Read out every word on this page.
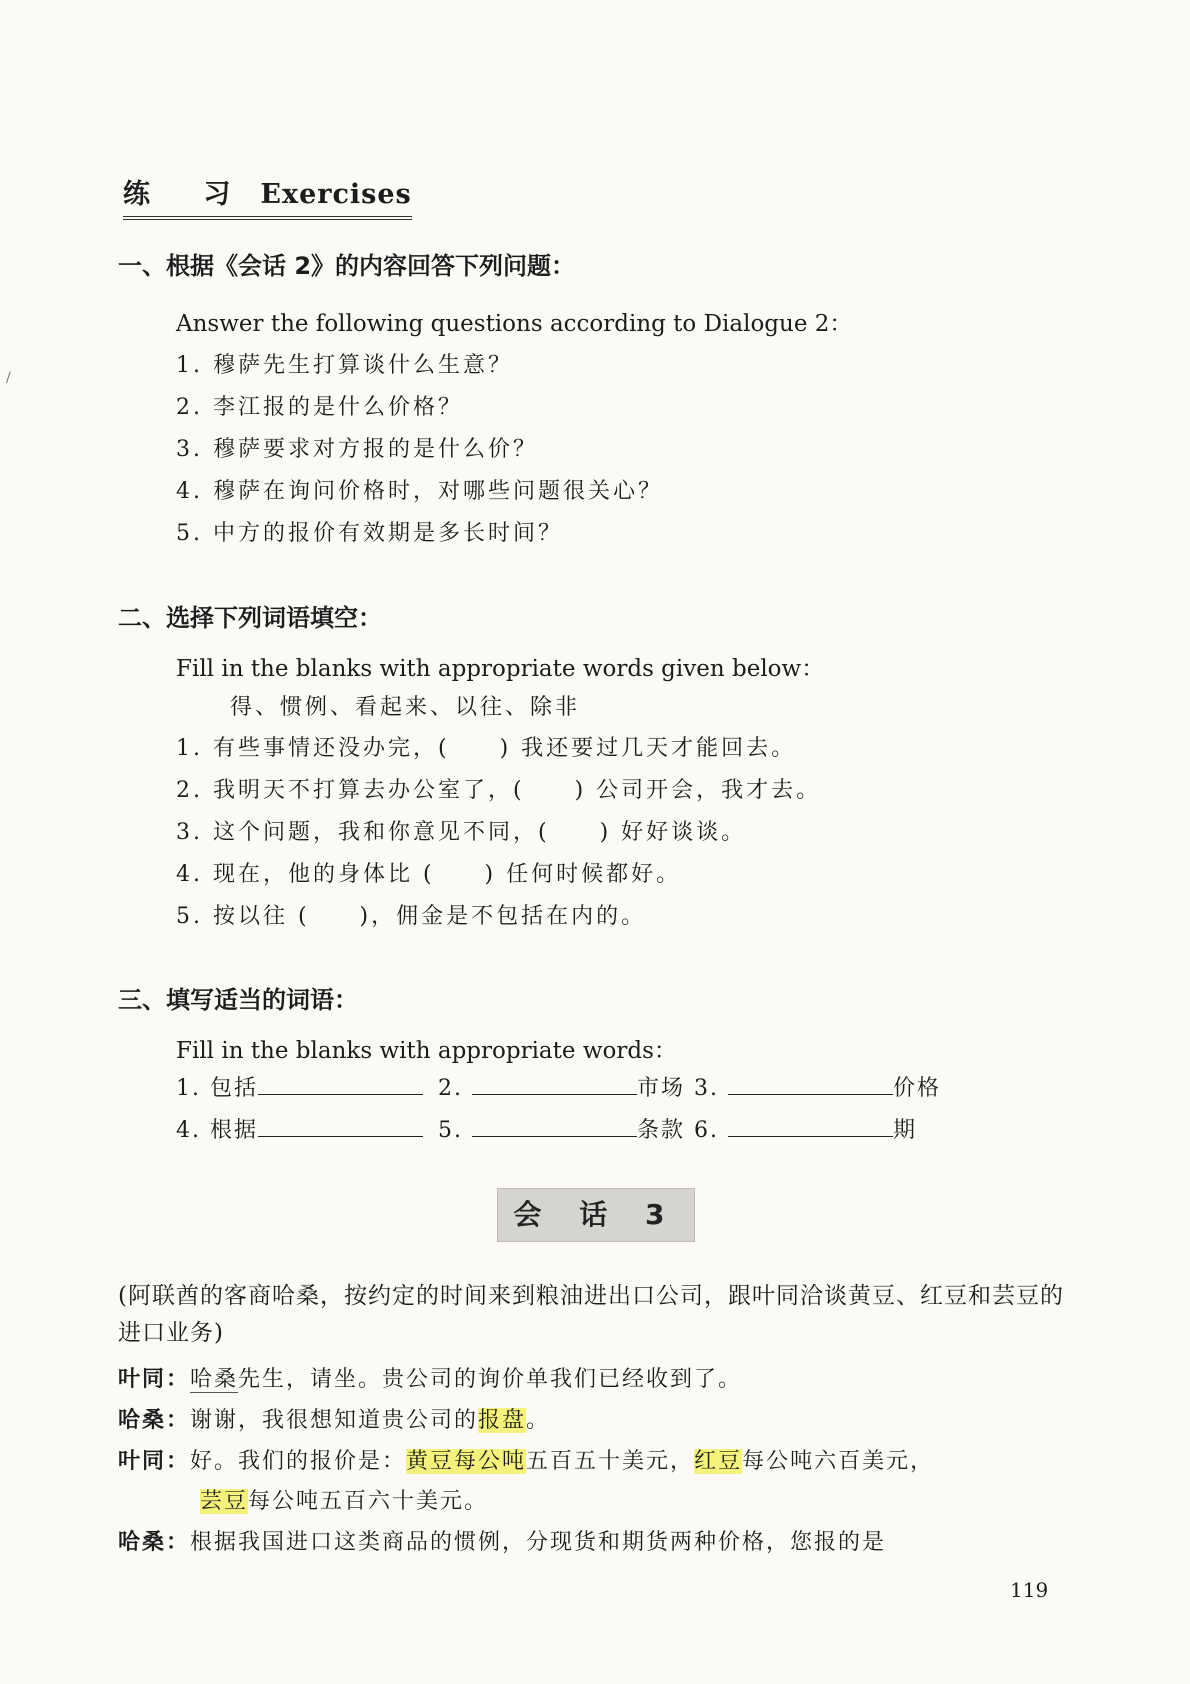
/
练 习 Exercises
一、根据《会话 2》的内容回答下列问题：
Answer the following questions according to Dialogue 2：
1. 穆萨先生打算谈什么生意？
2. 李江报的是什么价格？
3. 穆萨要求对方报的是什么价？
4. 穆萨在询问价格时，对哪些问题很关心？
5. 中方的报价有效期是多长时间？
二、选择下列词语填空：
Fill in the blanks with appropriate words given below：
得、惯例、看起来、以往、除非
1. 有些事情还没办完，(　　) 我还要过几天才能回去。
2. 我明天不打算去办公室了，(　　) 公司开会，我才去。
3. 这个问题，我和你意见不同，(　　) 好好谈谈。
4. 现在，他的身体比 (　　) 任何时候都好。
5. 按以往 (　　)，佣金是不包括在内的。
三、填写适当的词语：
Fill in the blanks with appropriate words：
1. 包括	2.	市场 3.	价格
4. 根据	5.	条款 6.	期
会 话 3
(阿联酋的客商哈桑，按约定的时间来到粮油进出口公司，跟叶同洽谈黄豆、红豆和芸豆的进口业务)
叶同：哈桑先生，请坐。贵公司的询价单我们已经收到了。
哈桑：谢谢，我很想知道贵公司的报盘。
叶同：好。我们的报价是：黄豆每公吨五百五十美元，红豆每公吨六百美元，
芸豆每公吨五百六十美元。
哈桑：根据我国进口这类商品的惯例，分现货和期货两种价格，您报的是
119
